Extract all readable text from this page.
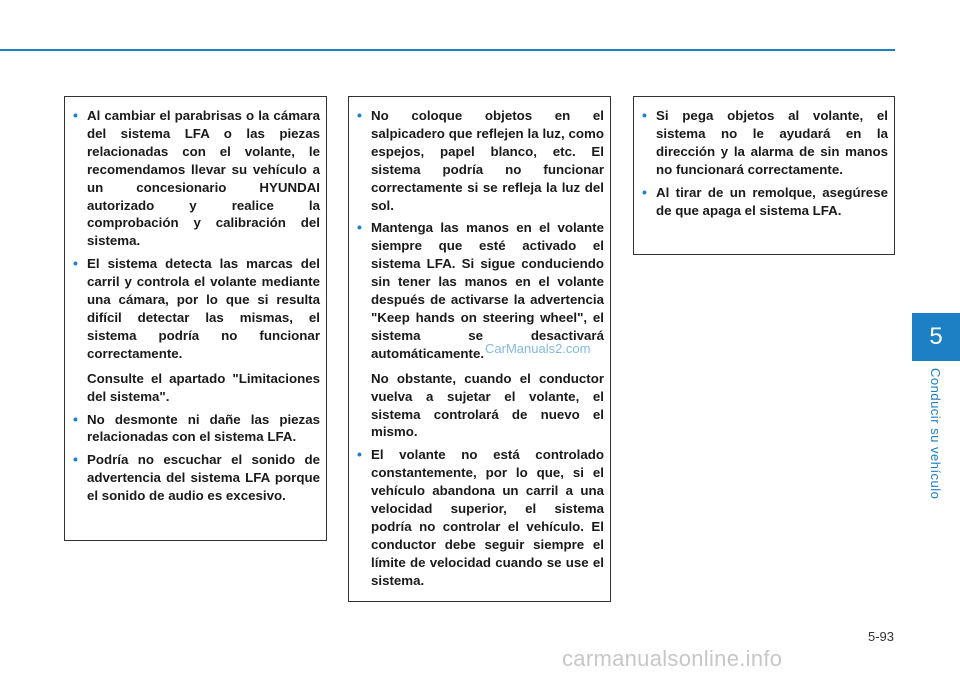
• Al cambiar el parabrisas o la cámara del sistema LFA o las piezas relacionadas con el volante, le recomendamos llevar su vehículo a un concesionario HYUNDAI autorizado y realice la comprobación y calibración del sistema.

• El sistema detecta las marcas del carril y controla el volante mediante una cámara, por lo que si resulta difícil detectar las mismas, el sistema podría no funcionar correctamente.

Consulte el apartado "Limitaciones del sistema".

• No desmonte ni dañe las piezas relacionadas con el sistema LFA.

• Podría no escuchar el sonido de advertencia del sistema LFA porque el sonido de audio es excesivo.

• No coloque objetos en el salpicadero que reflejen la luz, como espejos, papel blanco, etc. El sistema podría no funcionar correctamente si se refleja la luz del sol.

• Mantenga las manos en el volante siempre que esté activado el sistema LFA. Si sigue conduciendo sin tener las manos en el volante después de activarse la advertencia "Keep hands on steering wheel", el sistema se desactivará automáticamente.

No obstante, cuando el conductor vuelva a sujetar el volante, el sistema controlará de nuevo el mismo.

• El volante no está controlado constantemente, por lo que, si el vehículo abandona un carril a una velocidad superior, el sistema podría no controlar el vehículo. El conductor debe seguir siempre el límite de velocidad cuando se use el sistema.

• Si pega objetos al volante, el sistema no le ayudará en la dirección y la alarma de sin manos no funcionará correctamente.

• Al tirar de un remolque, asegúrese de que apaga el sistema LFA.

CarManuals2.com	5
Conducir su vehículo
5-93
carmanualsonline.info
